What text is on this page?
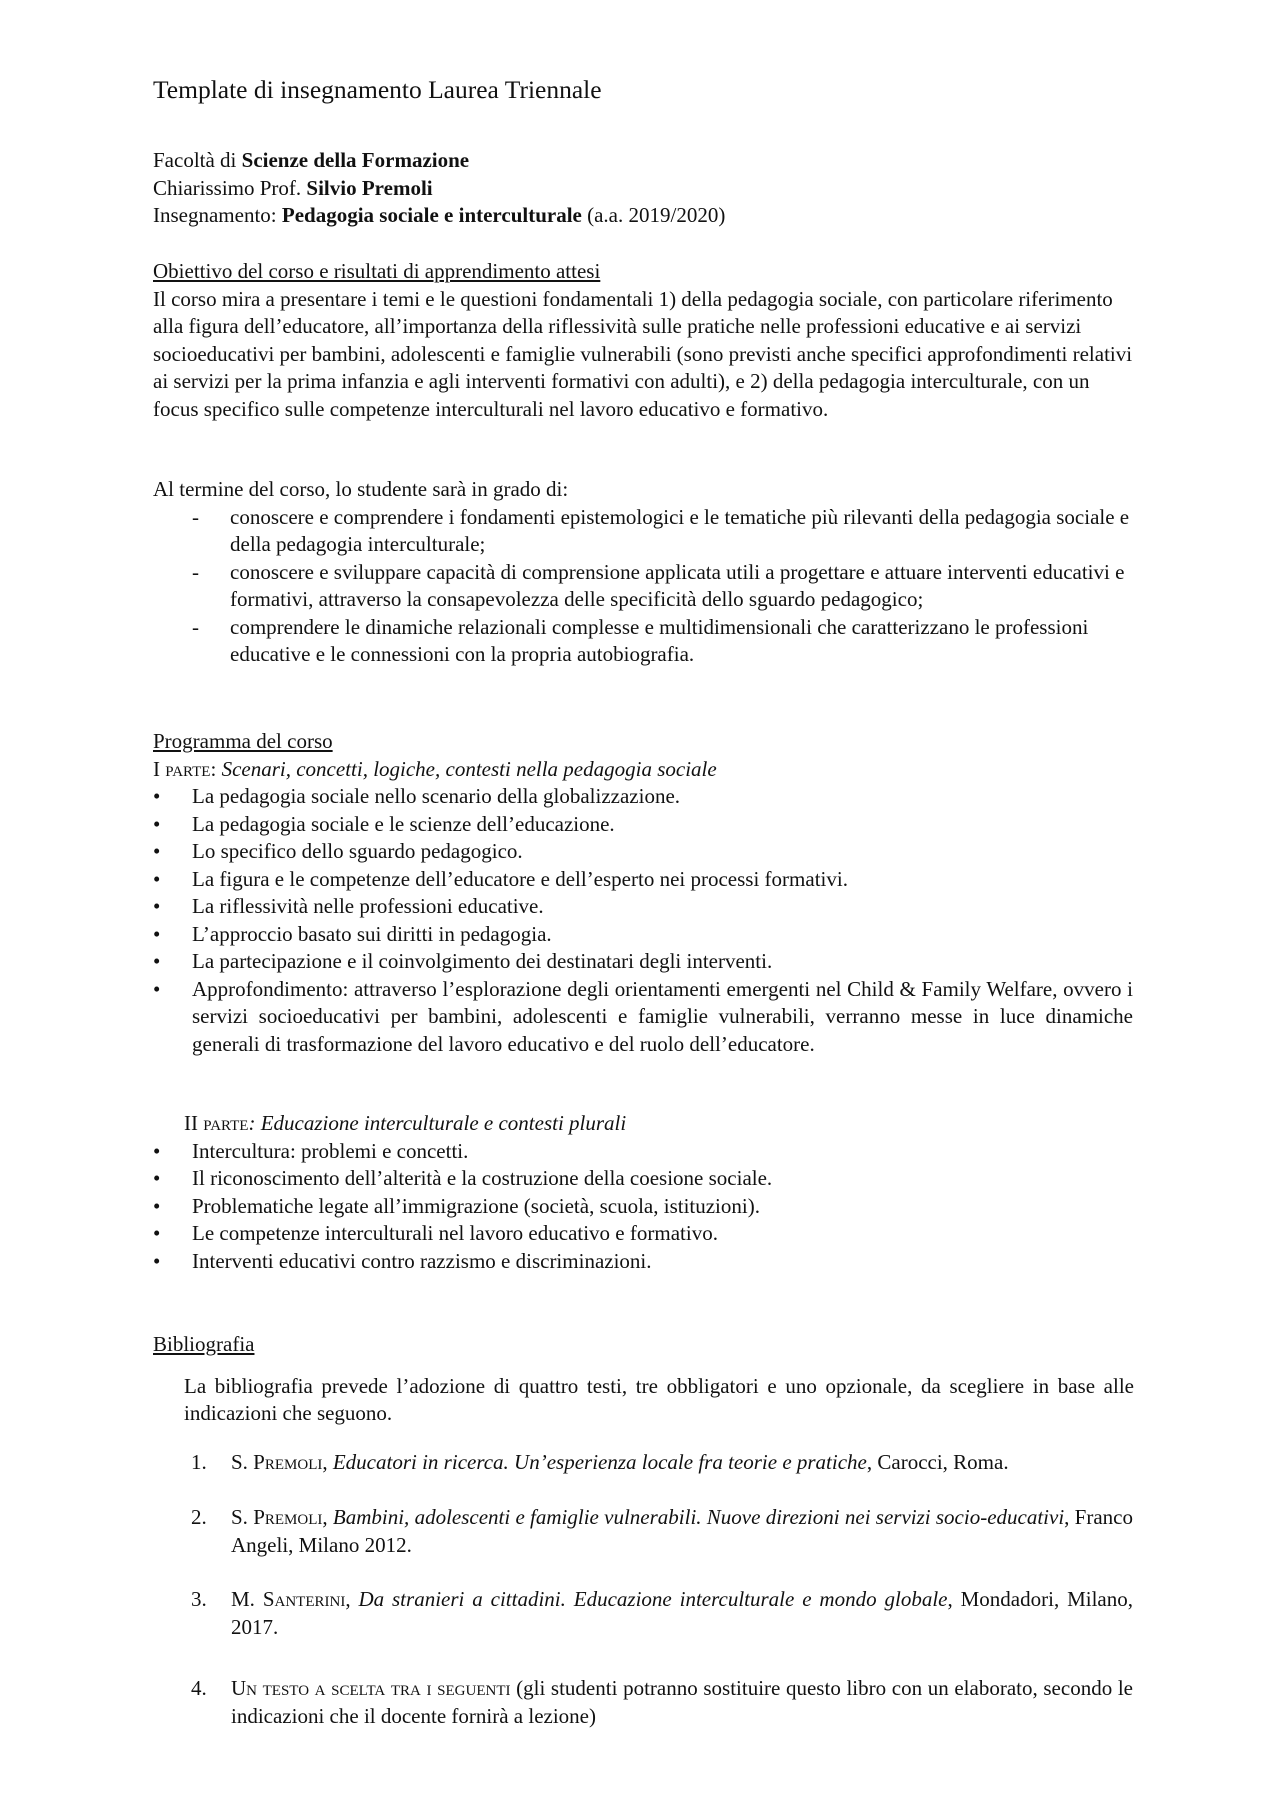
Template di insegnamento Laurea Triennale
Facoltà di Scienze della Formazione
Chiarissimo Prof. Silvio Premoli
Insegnamento: Pedagogia sociale e interculturale (a.a. 2019/2020)
Obiettivo del corso e risultati di apprendimento attesi

Il corso mira a presentare i temi e le questioni fondamentali 1) della pedagogia sociale, con particolare riferimento alla figura dell’educatore, all’importanza della riflessività sulle pratiche nelle professioni educative e ai servizi socioeducativi per bambini, adolescenti e famiglie vulnerabili (sono previsti anche specifici approfondimenti relativi ai servizi per la prima infanzia e agli interventi formativi con adulti), e 2) della pedagogia interculturale, con un focus specifico sulle competenze interculturali nel lavoro educativo e formativo.

Al termine del corso, lo studente sarà in grado di:
- conoscere e comprendere i fondamenti epistemologici e le tematiche più rilevanti della pedagogia sociale e della pedagogia interculturale;
- conoscere e sviluppare capacità di comprensione applicata utili a progettare e attuare interventi educativi e formativi, attraverso la consapevolezza delle specificità dello sguardo pedagogico;
- comprendere le dinamiche relazionali complesse e multidimensionali che caratterizzano le professioni educative e le connessioni con la propria autobiografia.
Programma del corso
I parte: Scenari, concetti, logiche, contesti nella pedagogia sociale
• La pedagogia sociale nello scenario della globalizzazione.
• La pedagogia sociale e le scienze dell’educazione.
• Lo specifico dello sguardo pedagogico.
• La figura e le competenze dell’educatore e dell’esperto nei processi formativi.
• La riflessività nelle professioni educative.
• L’approccio basato sui diritti in pedagogia.
• La partecipazione e il coinvolgimento dei destinatari degli interventi.
• Approfondimento: attraverso l’esplorazione degli orientamenti emergenti nel Child & Family Welfare, ovvero i servizi socioeducativi per bambini, adolescenti e famiglie vulnerabili, verranno messe in luce dinamiche generali di trasformazione del lavoro educativo e del ruolo dell’educatore.
II parte: Educazione interculturale e contesti plurali
• Intercultura: problemi e concetti.
• Il riconoscimento dell’alterità e la costruzione della coesione sociale.
• Problematiche legate all’immigrazione (società, scuola, istituzioni).
• Le competenze interculturali nel lavoro educativo e formativo.
• Interventi educativi contro razzismo e discriminazioni.
Bibliografia

La bibliografia prevede l’adozione di quattro testi, tre obbligatori e uno opzionale, da scegliere in base alle indicazioni che seguono.

1. S. Premoli, Educatori in ricerca. Un’esperienza locale fra teorie e pratiche, Carocci, Roma.
2. S. Premoli, Bambini, adolescenti e famiglie vulnerabili. Nuove direzioni nei servizi socio-educativi, Franco Angeli, Milano 2012.
3. M. Santerini, Da stranieri a cittadini. Educazione interculturale e mondo globale, Mondadori, Milano, 2017.
4. Un testo a scelta tra i seguenti (gli studenti potranno sostituire questo libro con un elaborato, secondo le indicazioni che il docente fornirà a lezione)
